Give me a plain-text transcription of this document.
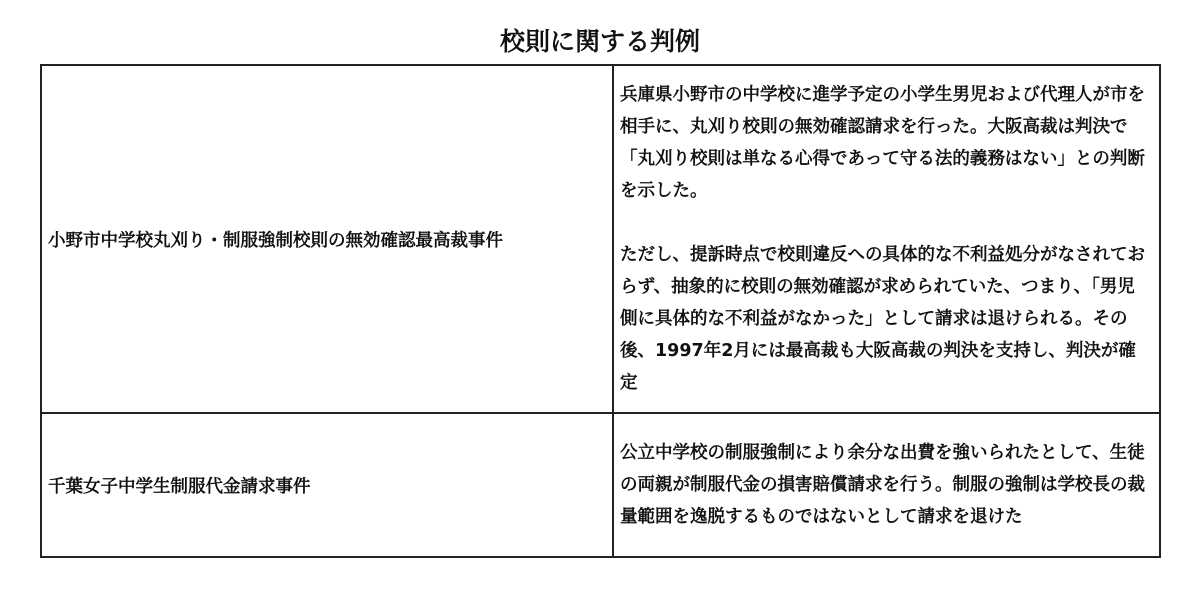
校則に関する判例
小野市中学校丸刈り・制服強制校則の無効確認最高裁事件	兵庫県小野市の中学校に進学予定の小学生男児および代理人が市を相手に、丸刈り校則の無効確認請求を行った。大阪高裁は判決で「丸刈り校則は単なる心得であって守る法的義務はない」との判断を示した。
ただし、提訴時点で校則違反への具体的な不利益処分がなされておらず、抽象的に校則の無効確認が求められていた、つまり、「男児側に具体的な不利益がなかった」として請求は退けられる。その後、1997年2月には最高裁も大阪高裁の判決を支持し、判決が確定

千葉女子中学生制服代金請求事件	公立中学校の制服強制により余分な出費を強いられたとして、生徒の両親が制服代金の損害賠償請求を行う。制服の強制は学校長の裁量範囲を逸脱するものではないとして請求を退けた
